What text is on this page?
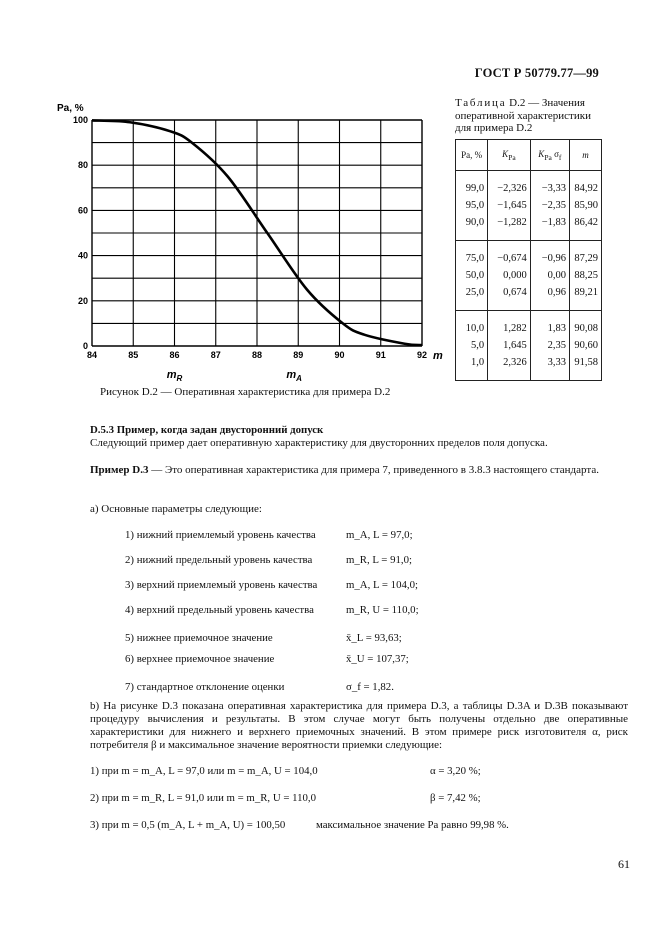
ГОСТ Р 50779.77—99
Pa, %
84	85	86	87	88	89	90	91	92
0
20
40
60
80
100
m
$m_R$	$m_A$
Таблица D.2 — Значения
оперативной характеристики
для примера D.2
Pa, %	$K_{Pa}$	$K_{Pa}$ $\sigma_f$	m
99,0	−2,326	−3,33	84,92
95,0	−1,645	−2,35	85,90
90,0	−1,282	−1,83	86,42
75,0	−0,674	−0,96	87,29
50,0	0,000	0,00	88,25
25,0	0,674	0,96	89,21
10,0	1,282	1,83	90,08
5,0	1,645	2,35	90,60
1,0	2,326	3,33	91,58
Рисунок D.2 — Оперативная характеристика для примера D.2
D.5.3 Пример, когда задан двусторонний допуск
Следующий пример дает оперативную характеристику для двусторонних пределов поля допуска.
Пример D.3 — Это оперативная характеристика для примера 7, приведенного в 3.8.3 настоящего стандарта.
a) Основные параметры следующие:
1) нижний приемлемый уровень качества	m_A, L = 97,0;
2) нижний предельный уровень качества	m_R, L = 91,0;
3) верхний приемлемый уровень качества	m_A, L = 104,0;
4) верхний предельный уровень качества	m_R, U = 110,0;
5) нижнее приемочное значение	x̄_L = 93,63;
6) верхнее приемочное значение	x̄_U = 107,37;
7) стандартное отклонение оценки	σ_f = 1,82.
b) На рисунке D.3 показана оперативная характеристика для примера D.3, а таблицы D.3A и D.3B показывают процедуру вычисления и результаты. В этом случае могут быть получены отдельно две оперативные характеристики для нижнего и верхнего приемочных значений. В этом примере риск изготовителя α, риск потребителя β и максимальное значение вероятности приемки следующие:
1) при m = m_A, L = 97,0 или m = m_A, U = 104,0	α = 3,20 %;
2) при m = m_R, L = 91,0 или m = m_R, U = 110,0	β = 7,42 %;
3) при m = 0,5 (m_A, L + m_A, U) = 100,50	максимальное значение Pa равно 99,98 %.
61
